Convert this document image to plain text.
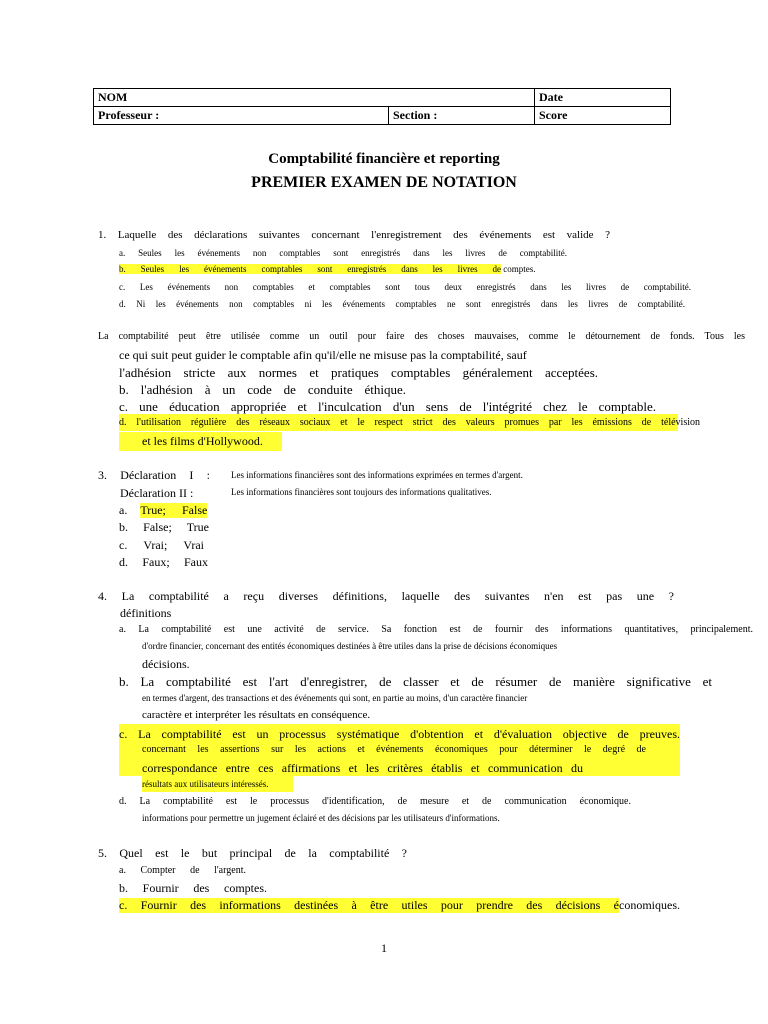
NOM		Date
Professeur :	Section :	Score
Comptabilité financière et reporting
PREMIER EXAMEN DE NOTATION
1. Laquelle des déclarations suivantes concernant l'enregistrement des événements est valide ?
a. Seules les événements non comptables sont enregistrés dans les livres de comptabilité.
b. Seules les événements comptables sont enregistrés dans les livres de comptes.
c. Les événements non comptables et comptables sont tous deux enregistrés dans les livres de comptabilité.
d. Ni les événements non comptables ni les événements comptables ne sont enregistrés dans les livres de comptabilité.
La comptabilité peut être utilisée comme un outil pour faire des choses mauvaises, comme le détournement de fonds. Tous les
ce qui suit peut guider le comptable afin qu'il/elle ne misuse pas la comptabilité, sauf
l'adhésion stricte aux normes et pratiques comptables généralement acceptées.
b. l'adhésion à un code de conduite éthique.
c. une éducation appropriée et l'inculcation d'un sens de l'intégrité chez le comptable.
d. l'utilisation régulière des réseaux sociaux et le respect strict des valeurs promues par les émissions de télévision
et les films d'Hollywood.
3. Déclaration I : Les informations financières sont des informations exprimées en termes d'argent.
Déclaration II :	Les informations financières sont toujours des informations qualitatives.
a. True; False
b. False; True
c. Vrai; Vrai
d. Faux; Faux
4. La comptabilité a reçu diverses définitions, laquelle des suivantes n'en est pas une ?
définitions
a. La comptabilité est une activité de service. Sa fonction est de fournir des informations quantitatives, principalement.
d'ordre financier, concernant des entités économiques destinées à être utiles dans la prise de décisions économiques
décisions.
b. La comptabilité est l'art d'enregistrer, de classer et de résumer de manière significative et
en termes d'argent, des transactions et des événements qui sont, en partie au moins, d'un caractère financier
caractère et interpréter les résultats en conséquence.
c. La comptabilité est un processus systématique d'obtention et d'évaluation objective de preuves.
concernant les assertions sur les actions et événements économiques pour déterminer le degré de
correspondance entre ces affirmations et les critères établis et communication du
résultats aux utilisateurs intéressés.
d. La comptabilité est le processus d'identification, de mesure et de communication économique.
informations pour permettre un jugement éclairé et des décisions par les utilisateurs d'informations.
5. Quel est le but principal de la comptabilité ?
a. Compter de l'argent.
b. Fournir des comptes.
c. Fournir des informations destinées à être utiles pour prendre des décisions économiques.
1
